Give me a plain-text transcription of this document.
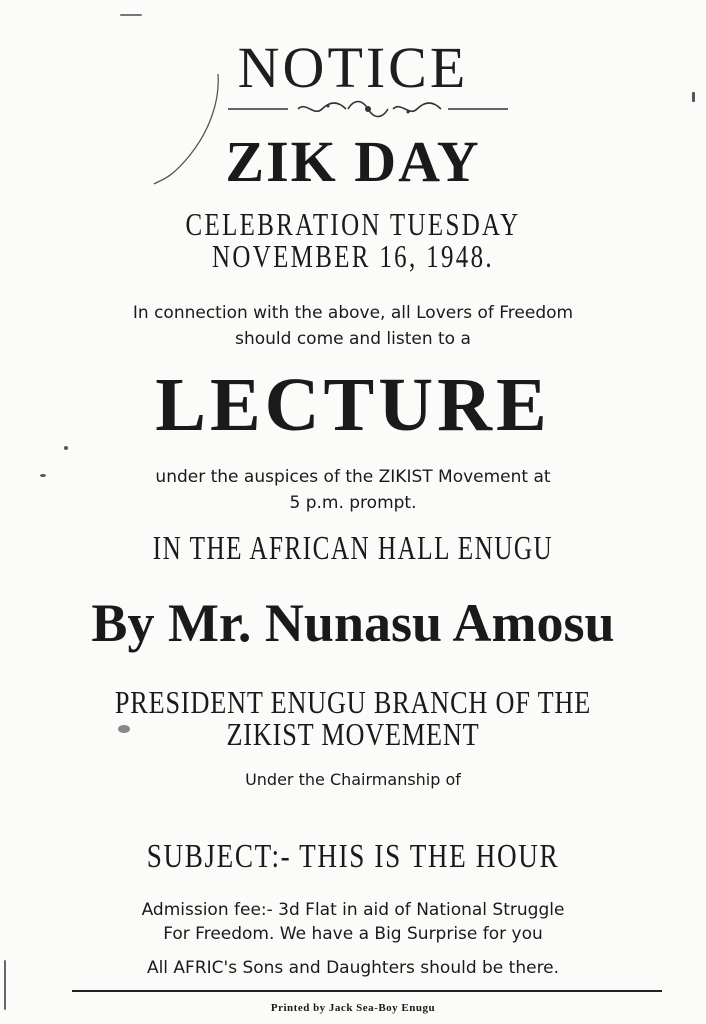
NOTICE
ZIK DAY
CELEBRATION TUESDAY
NOVEMBER 16, 1948.
In connection with the above, all Lovers of Freedom
should come and listen to a
LECTURE
under the auspices of the ZIKIST Movement at
5 p.m. prompt.
IN THE AFRICAN HALL ENUGU
By Mr. Nunasu Amosu
PRESIDENT ENUGU BRANCH OF THE
ZIKIST MOVEMENT
Under the Chairmanship of
SUBJECT:- THIS IS THE HOUR
Admission fee:- 3d Flat in aid of National Struggle
For Freedom. We have a Big Surprise for you
All AFRIC's Sons and Daughters should be there.
Printed by Jack Sea-Boy Enugu
